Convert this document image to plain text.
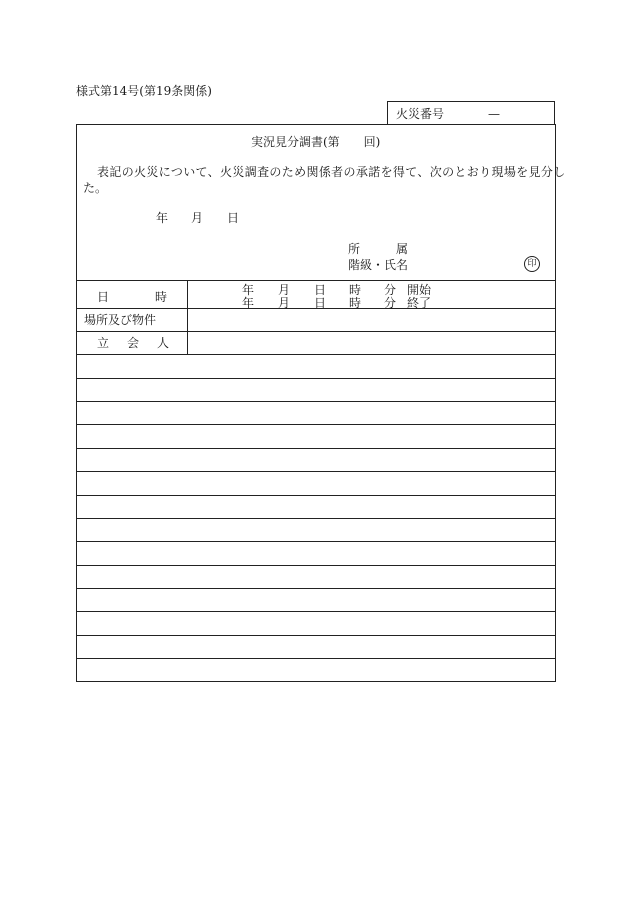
様式第14号(第19条関係)
火災番号	—
実況見分調書(第　　回)
表記の火災について、火災調査のため関係者の承諾を得て、次のとおり現場を見分し
た。
年 月 日
所	属
階級・氏名	印
日	時	年 月 日 時 分 開始
年 月 日 時 分 終了
場所及び物件
立 会 人
